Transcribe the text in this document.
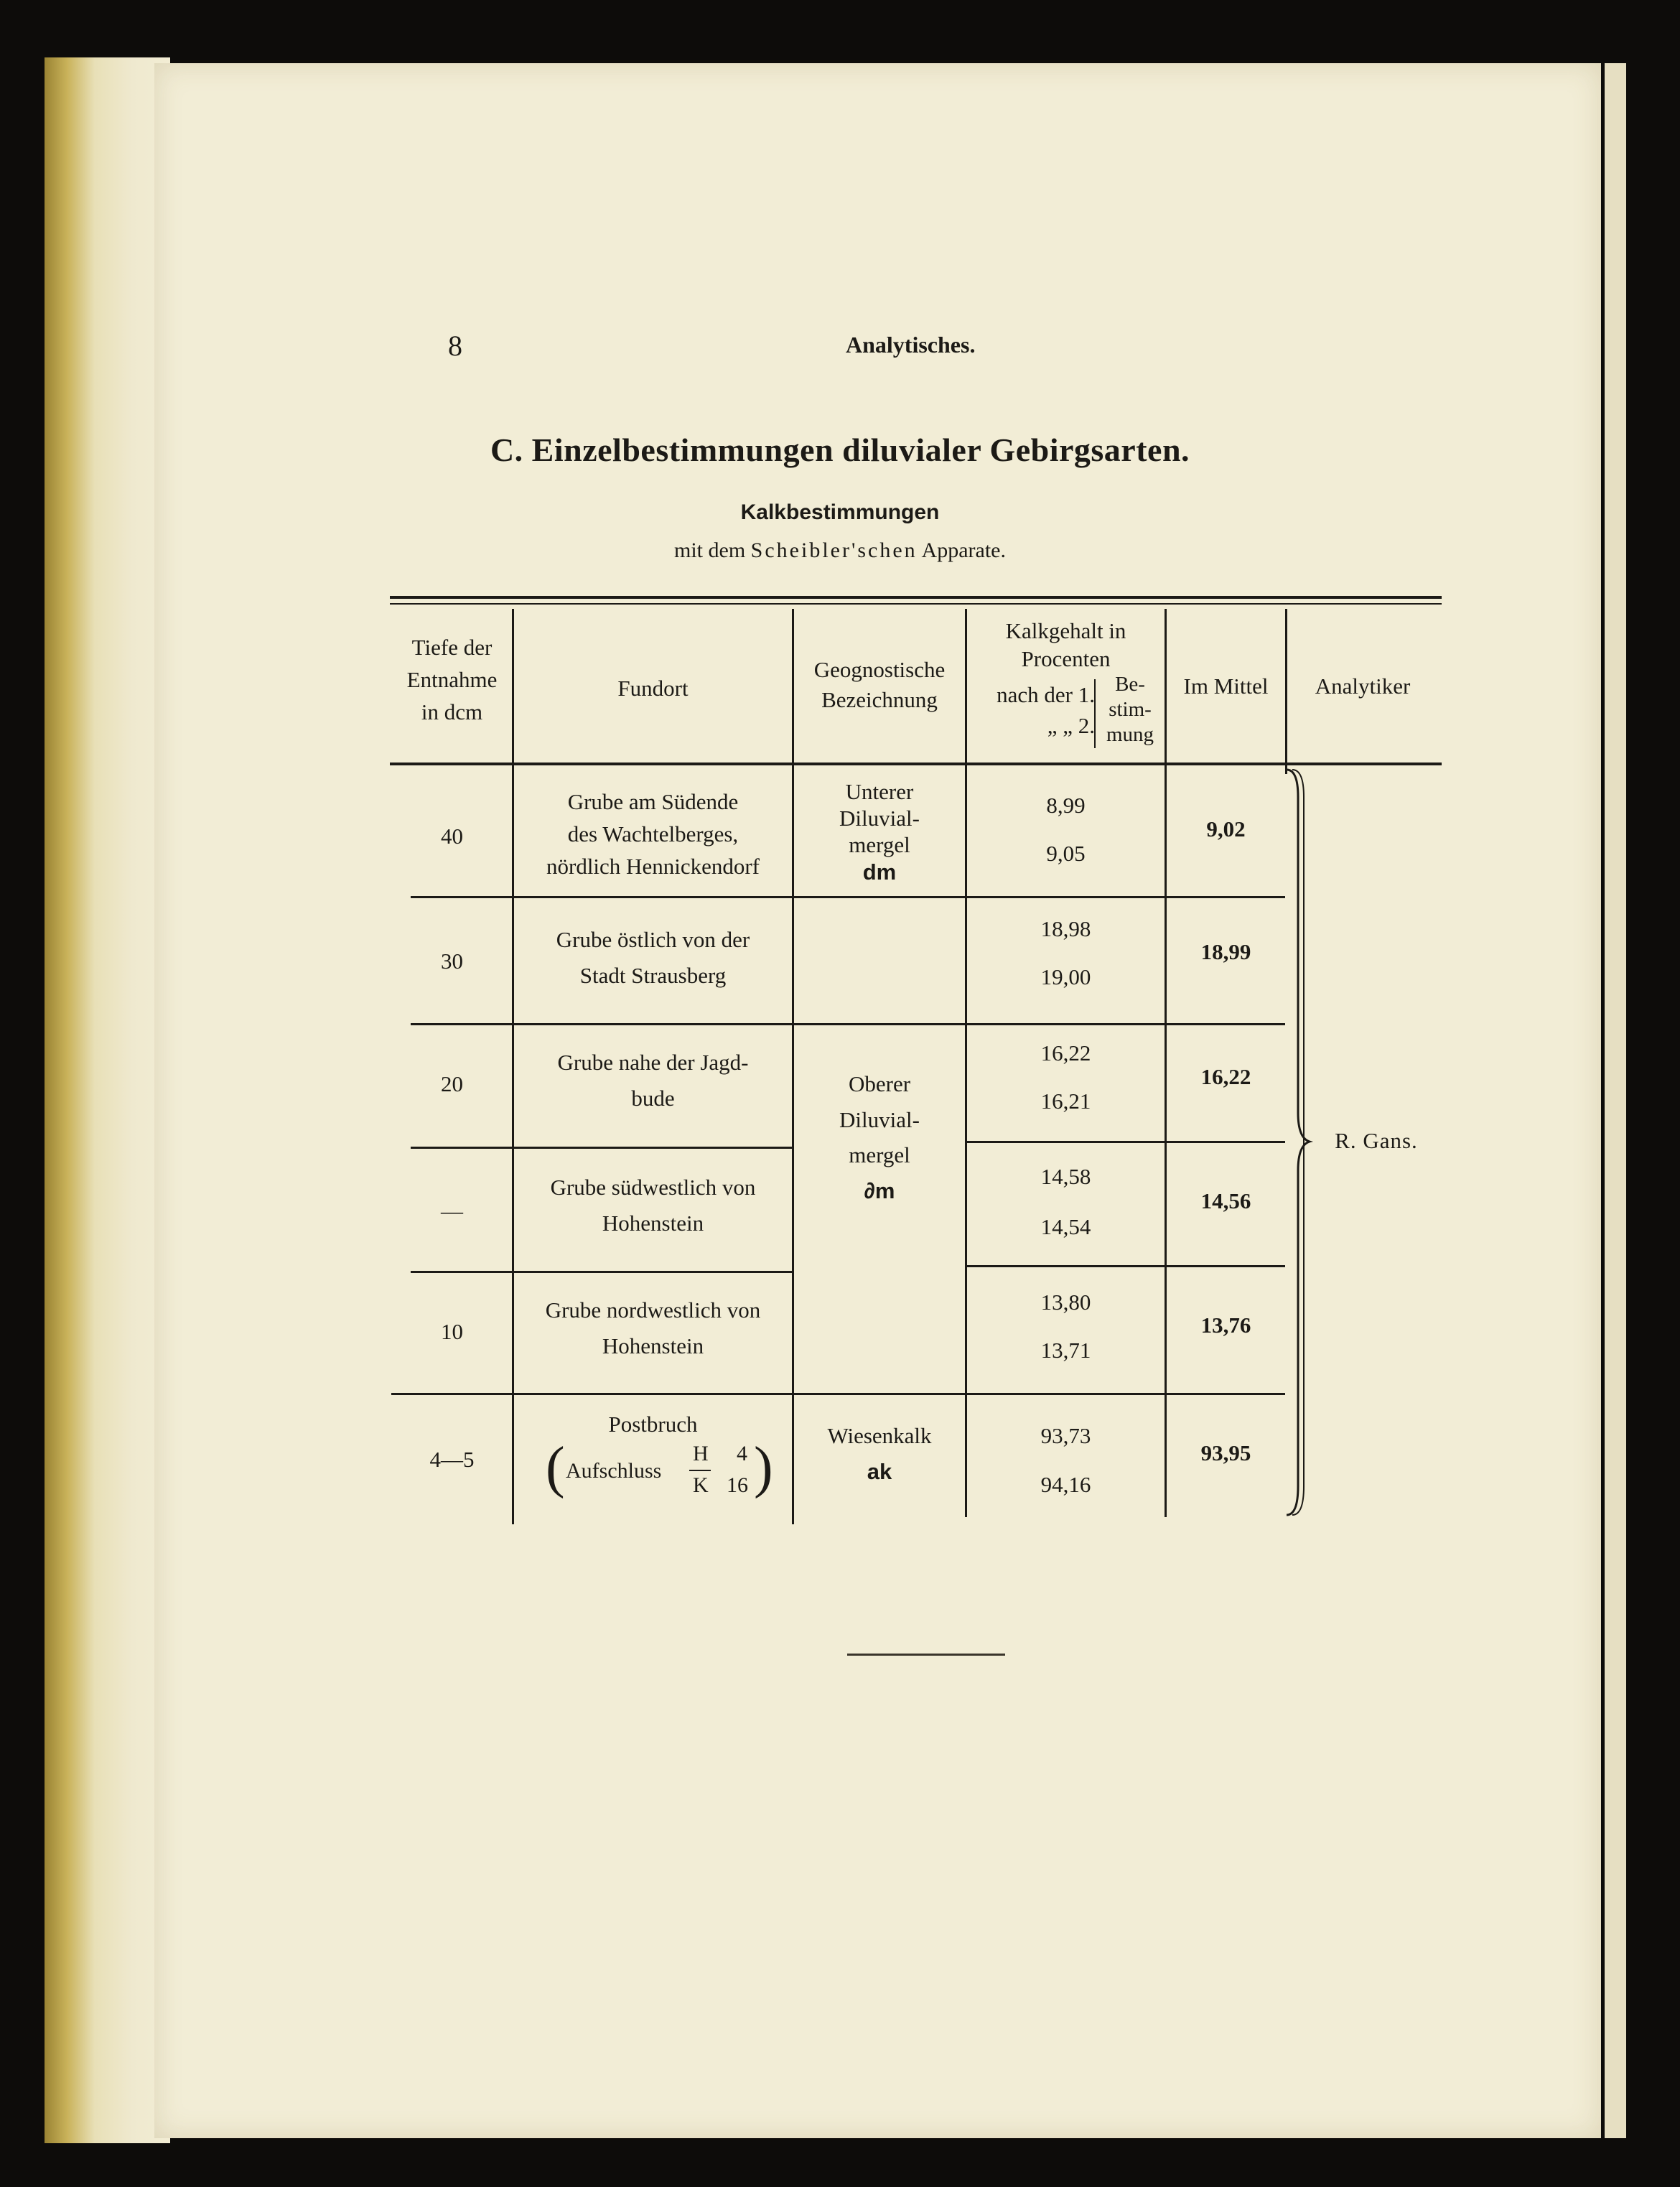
8	Analytisches.
C. Einzelbestimmungen diluvialer Gebirgsarten.
Kalkbestimmungen
mit dem Scheibler'schen Apparate.
Tiefe der
Entnahme
in dcm
Fundort
Geognostische
Bezeichnung
Kalkgehalt in
Procenten
nach der 1.
„ „ 2.
Be-
stim-
mung
Im Mittel	Analytiker
40
Grube am Südende
des Wachtelberges,
nördlich Hennickendorf
8,99
9,05
9,02
30
Grube östlich von der
Stadt Strausberg
18,98
19,00
18,99
20
Grube nahe der Jagd-
bude
16,22
16,21
16,22
—
Grube südwestlich von
Hohenstein
14,58
14,54
14,56
10
Grube nordwestlich von
Hohenstein
13,80
13,71
13,76
4—5
Postbruch
( Aufschluss
H
K
4
16 )
93,73
94,16
93,95
Unterer
Diluvial-
mergel
dm
Oberer
Diluvial-
mergel
∂m
Wiesenkalk
ak
R. Gans.
